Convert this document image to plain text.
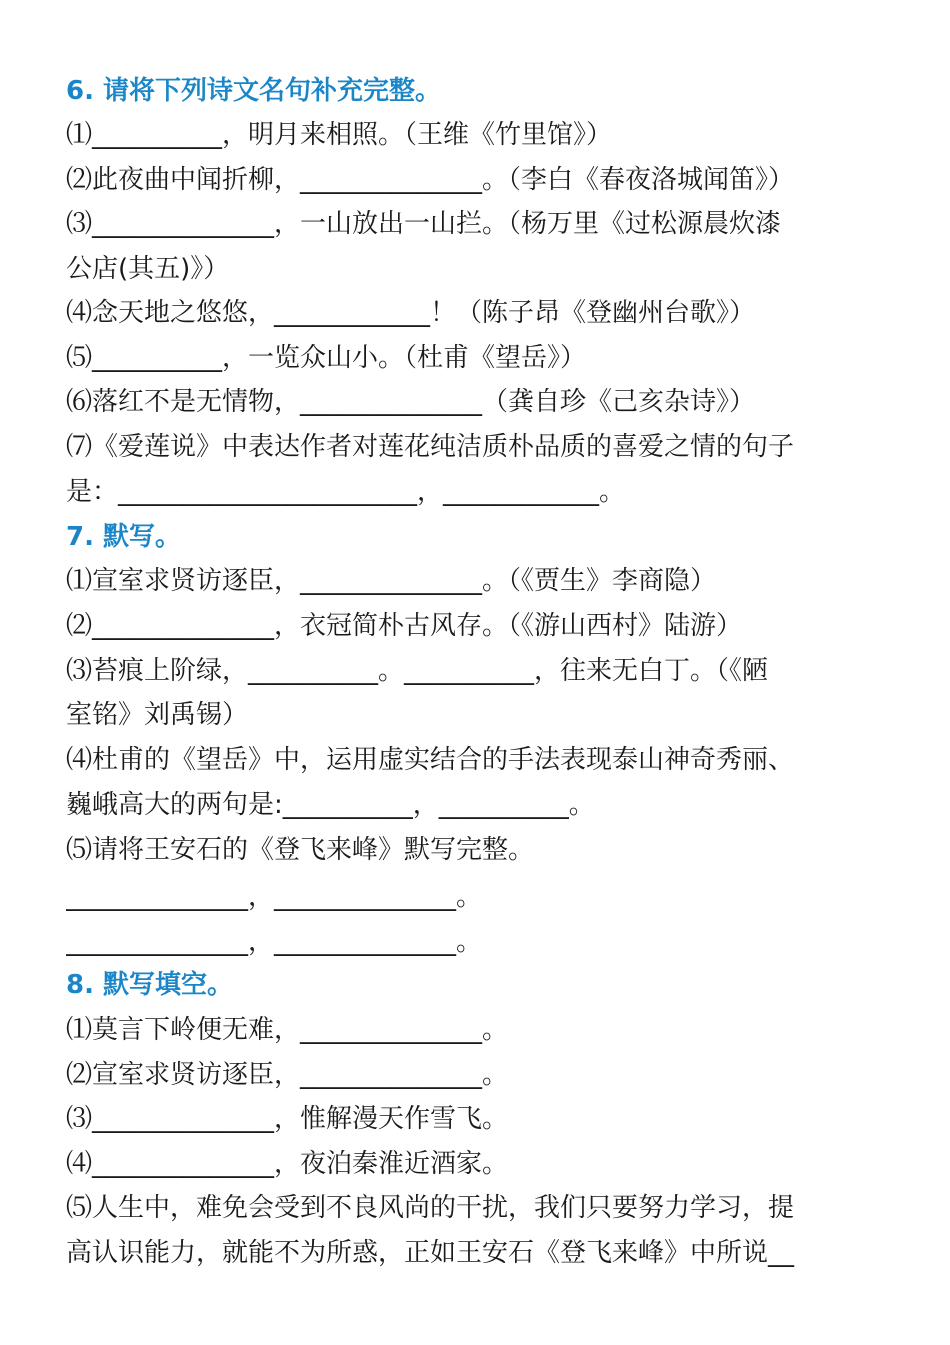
6. 请将下列诗文名句补充完整。
⑴__________，明月来相照。（王维《竹里馆》）
⑵此夜曲中闻折柳，______________。（李白《春夜洛城闻笛》）
⑶______________，一山放出一山拦。（杨万里《过松源晨炊漆
公店(其五)》）
⑷念天地之悠悠，____________！（陈子昂《登幽州台歌》）
⑸__________，一览众山小。（杜甫《望岳》）
⑹落红不是无情物，______________（龚自珍《己亥杂诗》）
⑺《爱莲说》中表达作者对莲花纯洁质朴品质的喜爱之情的句子
是：_______________________，____________。
7. 默写。
⑴宣室求贤访逐臣，______________。（《贾生》李商隐）
⑵______________，衣冠简朴古风存。（《游山西村》陆游）
⑶苔痕上阶绿，__________。__________，往来无白丁。（《陋
室铭》刘禹锡）
⑷杜甫的《望岳》中，运用虚实结合的手法表现泰山神奇秀丽、
巍峨高大的两句是:__________，__________。
⑸请将王安石的《登飞来峰》默写完整。
______________，______________。
______________，______________。
8. 默写填空。
⑴莫言下岭便无难，______________。
⑵宣室求贤访逐臣，______________。
⑶______________，惟解漫天作雪飞。
⑷______________，夜泊秦淮近酒家。
⑸人生中，难免会受到不良风尚的干扰，我们只要努力学习，提
高认识能力，就能不为所惑，正如王安石《登飞来峰》中所说__
